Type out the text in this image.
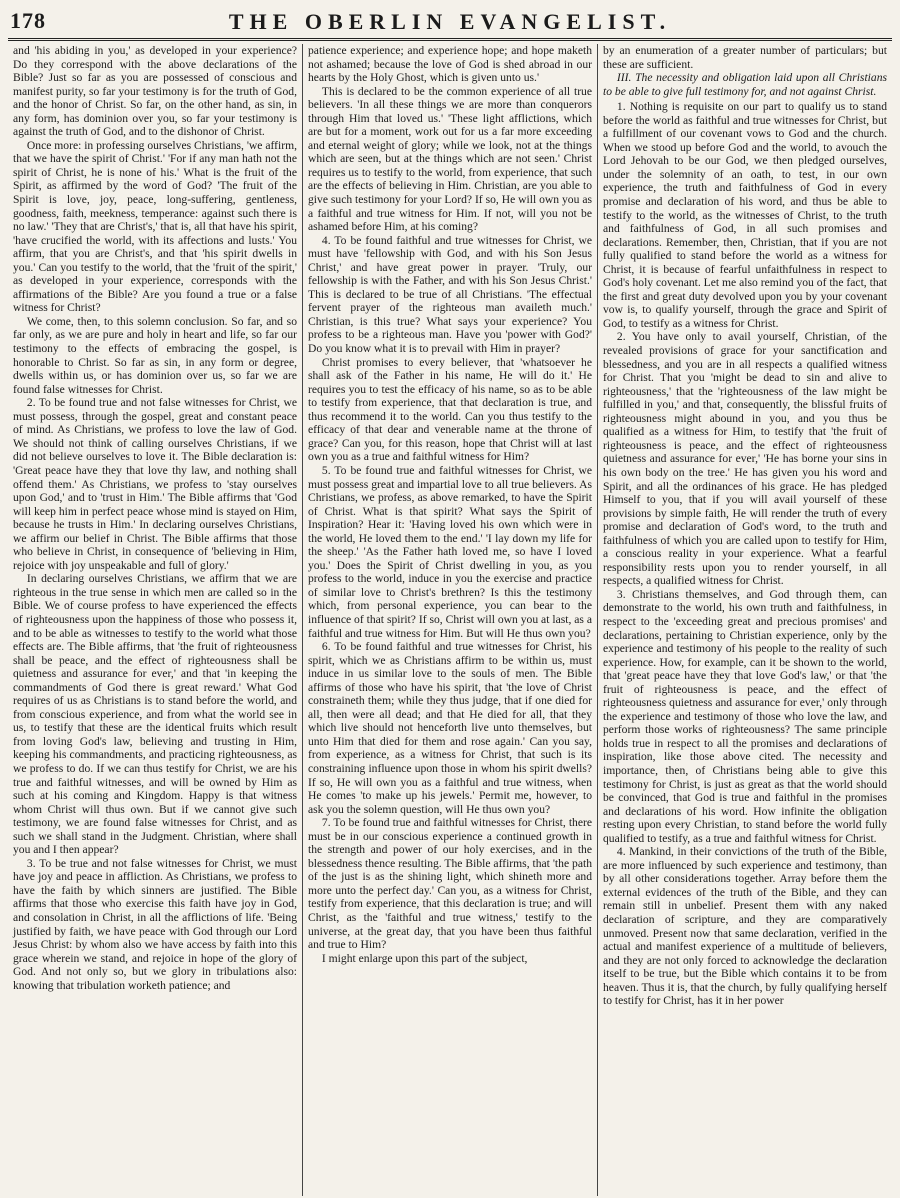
178	THE OBERLIN EVANGELIST.

and 'his abiding in you,' as developed in your experience? Do they correspond with the above declarations of the Bible? Just so far as you are possessed of conscious and manifest purity, so far your testimony is for the truth of God, and the honor of Christ. So far, on the other hand, as sin, in any form, has dominion over you, so far your testimony is against the truth of God, and to the dishonor of Christ.

Once more: in professing ourselves Christians, 'we affirm, that we have the spirit of Christ.' 'For if any man hath not the spirit of Christ, he is none of his.' What is the fruit of the Spirit, as affirmed by the word of God? 'The fruit of the Spirit is love, joy, peace, long-suffering, gentleness, goodness, faith, meekness, temperance: against such there is no law.' 'They that are Christ's,' that is, all that have his spirit, 'have crucified the world, with its affections and lusts.' You affirm, that you are Christ's, and that 'his spirit dwells in you.' Can you testify to the world, that the 'fruit of the spirit,' as developed in your experience, corresponds with the affirmations of the Bible? Are you found a true or a false witness for Christ?

We come, then, to this solemn conclusion. So far, and so far only, as we are pure and holy in heart and life, so far our testimony to the effects of embracing the gospel, is honorable to Christ. So far as sin, in any form or degree, dwells within us, or has dominion over us, so far we are found false witnesses for Christ.

2. To be found true and not false witnesses for Christ, we must possess, through the gospel, great and constant peace of mind. As Christians, we profess to love the law of God. We should not think of calling ourselves Christians, if we did not believe ourselves to love it. The Bible declaration is: 'Great peace have they that love thy law, and nothing shall offend them.' As Christians, we profess to 'stay ourselves upon God,' and to 'trust in Him.' The Bible affirms that 'God will keep him in perfect peace whose mind is stayed on Him, because he trusts in Him.' In declaring ourselves Christians, we affirm our belief in Christ. The Bible affirms that those who believe in Christ, in consequence of 'believing in Him, rejoice with joy unspeakable and full of glory.'

In declaring ourselves Christians, we affirm that we are righteous in the true sense in which men are called so in the Bible. We of course profess to have experienced the effects of righteousness upon the happiness of those who possess it, and to be able as witnesses to testify to the world what those effects are. The Bible affirms, that 'the fruit of righteousness shall be peace, and the effect of righteousness shall be quietness and assurance for ever,' and that 'in keeping the commandments of God there is great reward.' What God requires of us as Christians is to stand before the world, and from conscious experience, and from what the world see in us, to testify that these are the identical fruits which result from loving God's law, believing and trusting in Him, keeping his commandments, and practicing righteousness, as we profess to do. If we can thus testify for Christ, we are his true and faithful witnesses, and will be owned by Him as such at his coming and Kingdom. Happy is that witness whom Christ will thus own. But if we cannot give such testimony, we are found false witnesses for Christ, and as such we shall stand in the Judgment. Christian, where shall you and I then appear?

3. To be true and not false witnesses for Christ, we must have joy and peace in affliction. As Christians, we profess to have the faith by which sinners are justified. The Bible affirms that those who exercise this faith have joy in God, and consolation in Christ, in all the afflictions of life. 'Being justified by faith, we have peace with God through our Lord Jesus Christ: by whom also we have access by faith into this grace wherein we stand, and rejoice in hope of the glory of God. And not only so, but we glory in tribulations also: knowing that tribulation worketh patience; and

patience experience; and experience hope; and hope maketh not ashamed; because the love of God is shed abroad in our hearts by the Holy Ghost, which is given unto us.'

This is declared to be the common experience of all true believers. 'In all these things we are more than conquerors through Him that loved us.' 'These light afflictions, which are but for a moment, work out for us a far more exceeding and eternal weight of glory; while we look, not at the things which are seen, but at the things which are not seen.' Christ requires us to testify to the world, from experience, that such are the effects of believing in Him. Christian, are you able to give such testimony for your Lord? If so, He will own you as a faithful and true witness for Him. If not, will you not be ashamed before Him, at his coming?

4. To be found faithful and true witnesses for Christ, we must have 'fellowship with God, and with his Son Jesus Christ,' and have great power in prayer. 'Truly, our fellowship is with the Father, and with his Son Jesus Christ.' This is declared to be true of all Christians. 'The effectual fervent prayer of the righteous man availeth much.' Christian, is this true? What says your experience? You profess to be a righteous man. Have you 'power with God?' Do you know what it is to prevail with Him in prayer?

Christ promises to every believer, that 'whatsoever he shall ask of the Father in his name, He will do it.' He requires you to test the efficacy of his name, so as to be able to testify from experience, that that declaration is true, and thus recommend it to the world. Can you thus testify to the efficacy of that dear and venerable name at the throne of grace? Can you, for this reason, hope that Christ will at last own you as a true and faithful witness for Him?

5. To be found true and faithful witnesses for Christ, we must possess great and impartial love to all true believers. As Christians, we profess, as above remarked, to have the Spirit of Christ. What is that spirit? What says the Spirit of Inspiration? Hear it: 'Having loved his own which were in the world, He loved them to the end.' 'I lay down my life for the sheep.' 'As the Father hath loved me, so have I loved you.' Does the Spirit of Christ dwelling in you, as you profess to the world, induce in you the exercise and practice of similar love to Christ's brethren? Is this the testimony which, from personal experience, you can bear to the influence of that spirit? If so, Christ will own you at last, as a faithful and true witness for Him. But will He thus own you?

6. To be found faithful and true witnesses for Christ, his spirit, which we as Christians affirm to be within us, must induce in us similar love to the souls of men. The Bible affirms of those who have his spirit, that 'the love of Christ constraineth them; while they thus judge, that if one died for all, then were all dead; and that He died for all, that they which live should not henceforth live unto themselves, but unto Him that died for them and rose again.' Can you say, from experience, as a witness for Christ, that such is its constraining influence upon those in whom his spirit dwells? If so, He will own you as a faithful and true witness, when He comes 'to make up his jewels.' Permit me, however, to ask you the solemn question, will He thus own you?

7. To be found true and faithful witnesses for Christ, there must be in our conscious experience a continued growth in the strength and power of our holy exercises, and in the blessedness thence resulting. The Bible affirms, that 'the path of the just is as the shining light, which shineth more and more unto the perfect day.' Can you, as a witness for Christ, testify from experience, that this declaration is true; and will Christ, as the 'faithful and true witness,' testify to the universe, at the great day, that you have been thus faithful and true to Him?

I might enlarge upon this part of the subject,

by an enumeration of a greater number of particulars; but these are sufficient.

III. The necessity and obligation laid upon all Christians to be able to give full testimony for, and not against Christ.

1. Nothing is requisite on our part to qualify us to stand before the world as faithful and true witnesses for Christ, but a fulfillment of our covenant vows to God and the church. When we stood up before God and the world, to avouch the Lord Jehovah to be our God, we then pledged ourselves, under the solemnity of an oath, to test, in our own experience, the truth and faithfulness of God in every promise and declaration of his word, and thus be able to testify to the world, as the witnesses of Christ, to the truth and faithfulness of God, in all such promises and declarations. Remember, then, Christian, that if you are not fully qualified to stand before the world as a witness for Christ, it is because of fearful unfaithfulness in respect to God's holy covenant. Let me also remind you of the fact, that the first and great duty devolved upon you by your covenant vow is, to qualify yourself, through the grace and Spirit of God, to testify as a witness for Christ.

2. You have only to avail yourself, Christian, of the revealed provisions of grace for your sanctification and blessedness, and you are in all respects a qualified witness for Christ. That you 'might be dead to sin and alive to righteousness,' that the 'righteousness of the law might be fulfilled in you,' and that, consequently, the blissful fruits of righteousness might abound in you, and you thus be qualified as a witness for Him, to testify that 'the fruit of righteousness is peace, and the effect of righteousness quietness and assurance for ever,' 'He has borne your sins in his own body on the tree.' He has given you his word and Spirit, and all the ordinances of his grace. He has pledged Himself to you, that if you will avail yourself of these provisions by simple faith, He will render the truth of every promise and declaration of God's word, to the truth and faithfulness of which you are called upon to testify for Him, a conscious reality in your experience. What a fearful responsibility rests upon you to render yourself, in all respects, a qualified witness for Christ.

3. Christians themselves, and God through them, can demonstrate to the world, his own truth and faithfulness, in respect to the 'exceeding great and precious promises' and declarations, pertaining to Christian experience, only by the experience and testimony of his people to the reality of such experience. How, for example, can it be shown to the world, that 'great peace have they that love God's law,' or that 'the fruit of righteousness is peace, and the effect of righteousness quietness and assurance for ever,' only through the experience and testimony of those who love the law, and perform those works of righteousness? The same principle holds true in respect to all the promises and declarations of inspiration, like those above cited. The necessity and importance, then, of Christians being able to give this testimony for Christ, is just as great as that the world should be convinced, that God is true and faithful in the promises and declarations of his word. How infinite the obligation resting upon every Christian, to stand before the world fully qualified to testify, as a true and faithful witness for Christ.

4. Mankind, in their convictions of the truth of the Bible, are more influenced by such experience and testimony, than by all other considerations together. Array before them the external evidences of the truth of the Bible, and they can remain still in unbelief. Present them with any naked declaration of scripture, and they are comparatively unmoved. Present now that same declaration, verified in the actual and manifest experience of a multitude of believers, and they are not only forced to acknowledge the declaration itself to be true, but the Bible which contains it to be from heaven. Thus it is, that the church, by fully qualifying herself to testify for Christ, has it in her power
